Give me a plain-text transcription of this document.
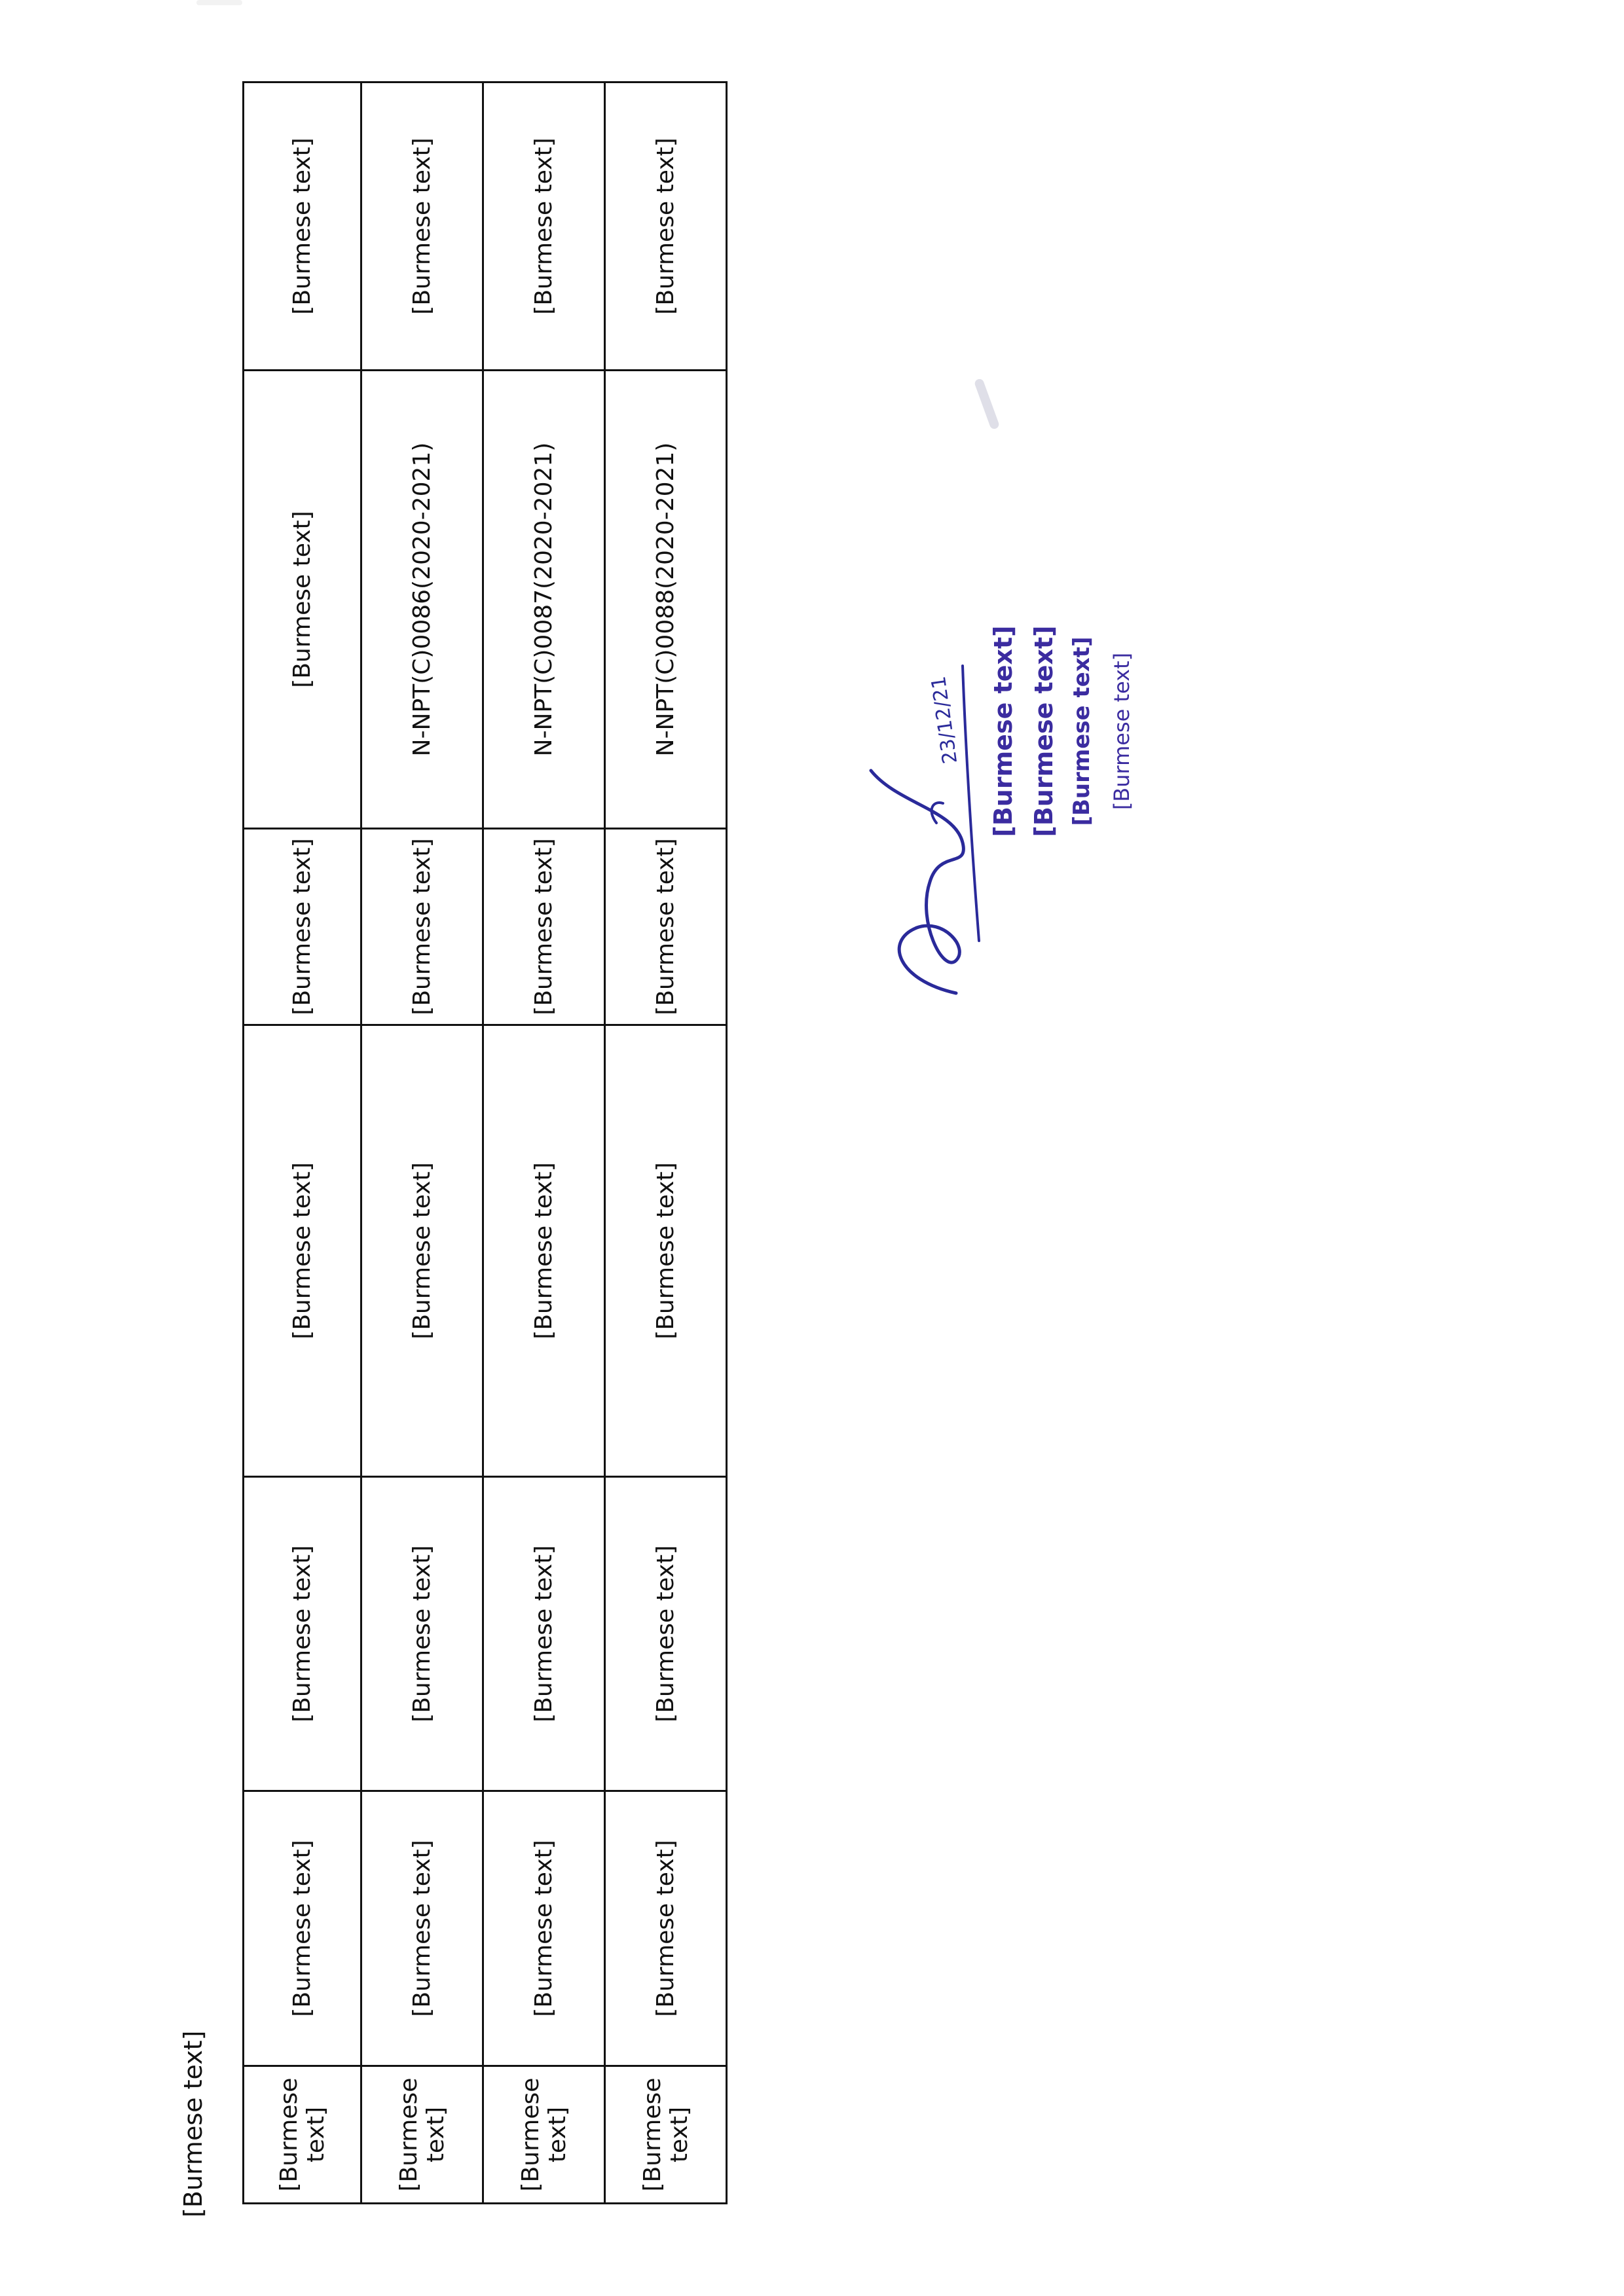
[Burmese text]	[Burmese text]	[Burmese text]	[Burmese text]	[Burmese text]	[Burmese text]	[Burmese text]	[Burmese text]
[Burmese text]	[Burmese text]	[Burmese text]	[Burmese text]	[Burmese text]	N-NPT(C)0086(2020-2021)	[Burmese text]
[Burmese text]	[Burmese text]	[Burmese text]	[Burmese text]	[Burmese text]	N-NPT(C)0087(2020-2021)	[Burmese text]
[Burmese text]	[Burmese text]	[Burmese text]	[Burmese text]	[Burmese text]	N-NPT(C)0088(2020-2021)	[Burmese text]
23/12/21 [Burmese text] [Burmese text] [Burmese text] [Burmese text]
